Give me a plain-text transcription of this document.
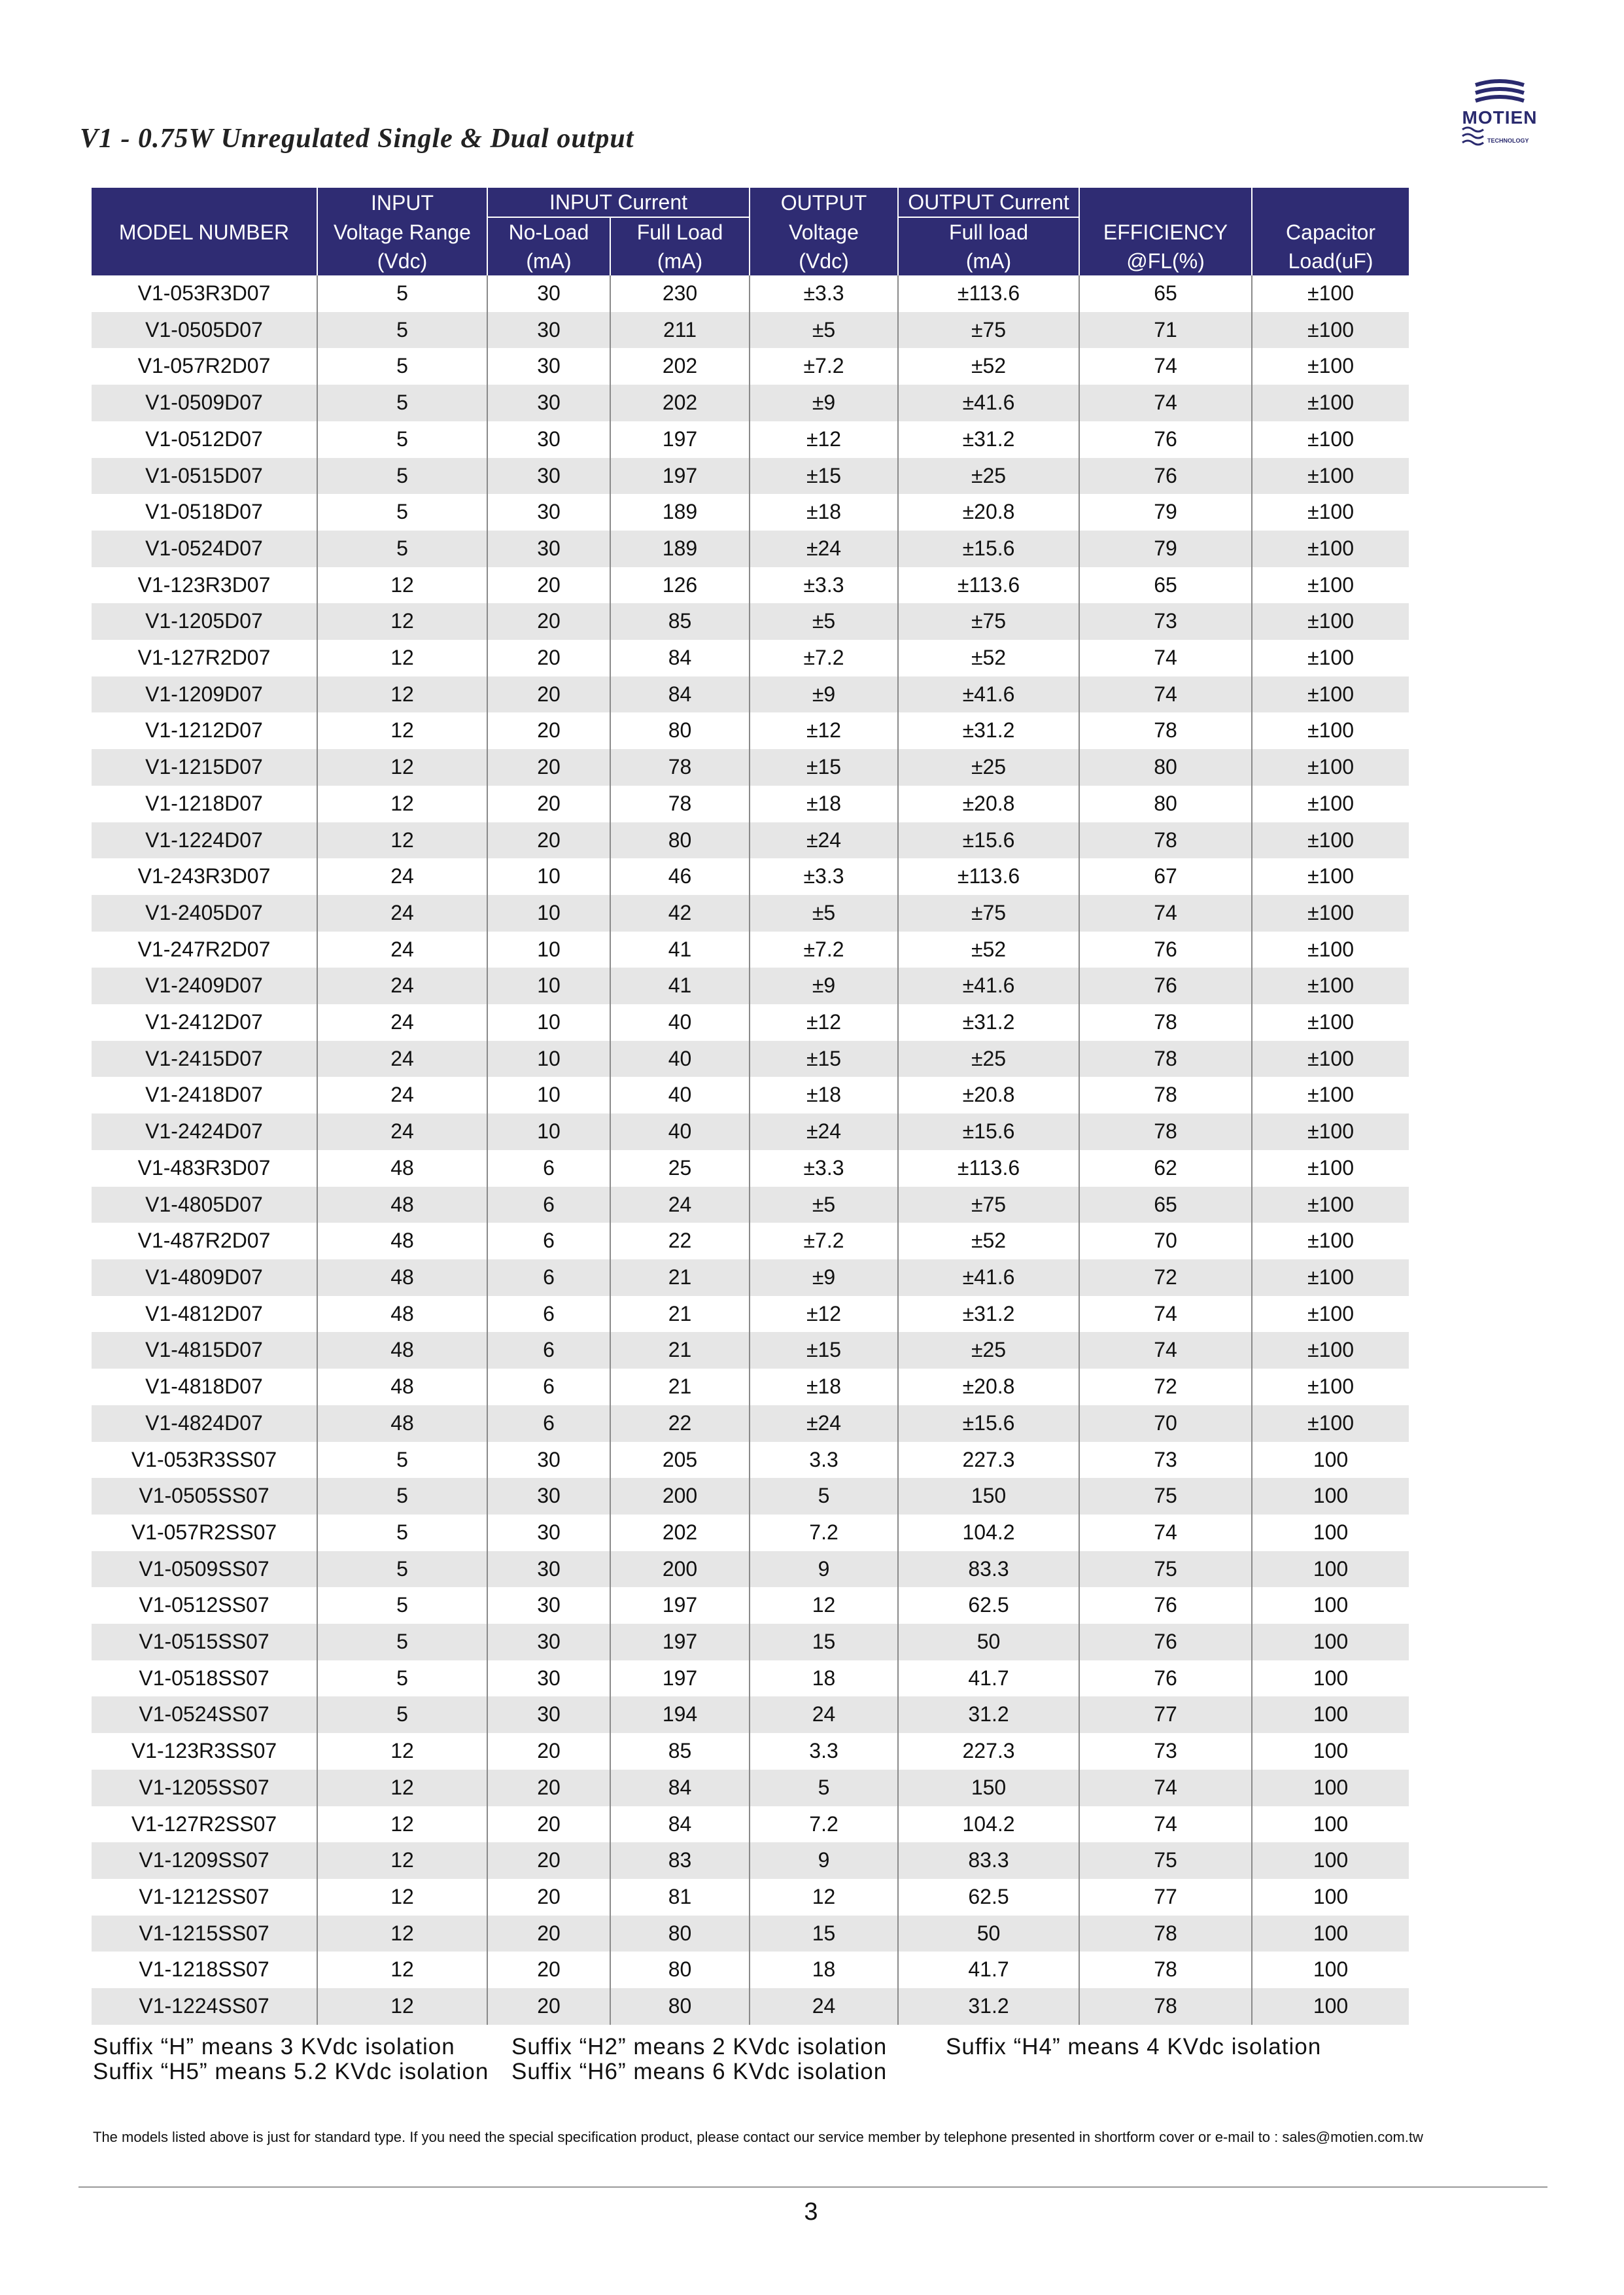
V1 - 0.75W Unregulated Single & Dual output
MOTIEN
TECHNOLOGY
	INPUT	INPUT Current		OUTPUT	OUTPUT Current		
MODEL NUMBER	Voltage Range	No-Load	Full Load	Voltage	Full load	EFFICIENCY	Capacitor
	(Vdc)	(mA)	(mA)	(Vdc)	(mA)	@FL(%)	Load(uF)
V1-053R3D07	5	30	230	±3.3	±113.6	65	±100
V1-0505D07	5	30	211	±5	±75	71	±100
V1-057R2D07	5	30	202	±7.2	±52	74	±100
V1-0509D07	5	30	202	±9	±41.6	74	±100
V1-0512D07	5	30	197	±12	±31.2	76	±100
V1-0515D07	5	30	197	±15	±25	76	±100
V1-0518D07	5	30	189	±18	±20.8	79	±100
V1-0524D07	5	30	189	±24	±15.6	79	±100
V1-123R3D07	12	20	126	±3.3	±113.6	65	±100
V1-1205D07	12	20	85	±5	±75	73	±100
V1-127R2D07	12	20	84	±7.2	±52	74	±100
V1-1209D07	12	20	84	±9	±41.6	74	±100
V1-1212D07	12	20	80	±12	±31.2	78	±100
V1-1215D07	12	20	78	±15	±25	80	±100
V1-1218D07	12	20	78	±18	±20.8	80	±100
V1-1224D07	12	20	80	±24	±15.6	78	±100
V1-243R3D07	24	10	46	±3.3	±113.6	67	±100
V1-2405D07	24	10	42	±5	±75	74	±100
V1-247R2D07	24	10	41	±7.2	±52	76	±100
V1-2409D07	24	10	41	±9	±41.6	76	±100
V1-2412D07	24	10	40	±12	±31.2	78	±100
V1-2415D07	24	10	40	±15	±25	78	±100
V1-2418D07	24	10	40	±18	±20.8	78	±100
V1-2424D07	24	10	40	±24	±15.6	78	±100
V1-483R3D07	48	6	25	±3.3	±113.6	62	±100
V1-4805D07	48	6	24	±5	±75	65	±100
V1-487R2D07	48	6	22	±7.2	±52	70	±100
V1-4809D07	48	6	21	±9	±41.6	72	±100
V1-4812D07	48	6	21	±12	±31.2	74	±100
V1-4815D07	48	6	21	±15	±25	74	±100
V1-4818D07	48	6	21	±18	±20.8	72	±100
V1-4824D07	48	6	22	±24	±15.6	70	±100
V1-053R3SS07	5	30	205	3.3	227.3	73	100
V1-0505SS07	5	30	200	5	150	75	100
V1-057R2SS07	5	30	202	7.2	104.2	74	100
V1-0509SS07	5	30	200	9	83.3	75	100
V1-0512SS07	5	30	197	12	62.5	76	100
V1-0515SS07	5	30	197	15	50	76	100
V1-0518SS07	5	30	197	18	41.7	76	100
V1-0524SS07	5	30	194	24	31.2	77	100
V1-123R3SS07	12	20	85	3.3	227.3	73	100
V1-1205SS07	12	20	84	5	150	74	100
V1-127R2SS07	12	20	84	7.2	104.2	74	100
V1-1209SS07	12	20	83	9	83.3	75	100
V1-1212SS07	12	20	81	12	62.5	77	100
V1-1215SS07	12	20	80	15	50	78	100
V1-1218SS07	12	20	80	18	41.7	78	100
V1-1224SS07	12	20	80	24	31.2	78	100
Suffix “H” means 3 KVdc isolation Suffix “H2” means 2 KVdc isolation	Suffix “H4” means 4 KVdc isolation
Suffix “H5” means 5.2 KVdc isolation Suffix “H6” means 6 KVdc isolation
The models listed above is just for standard type. If you need the special specification product, please contact our service member by telephone presented in shortform cover or e-mail to : sales@motien.com.tw
3
